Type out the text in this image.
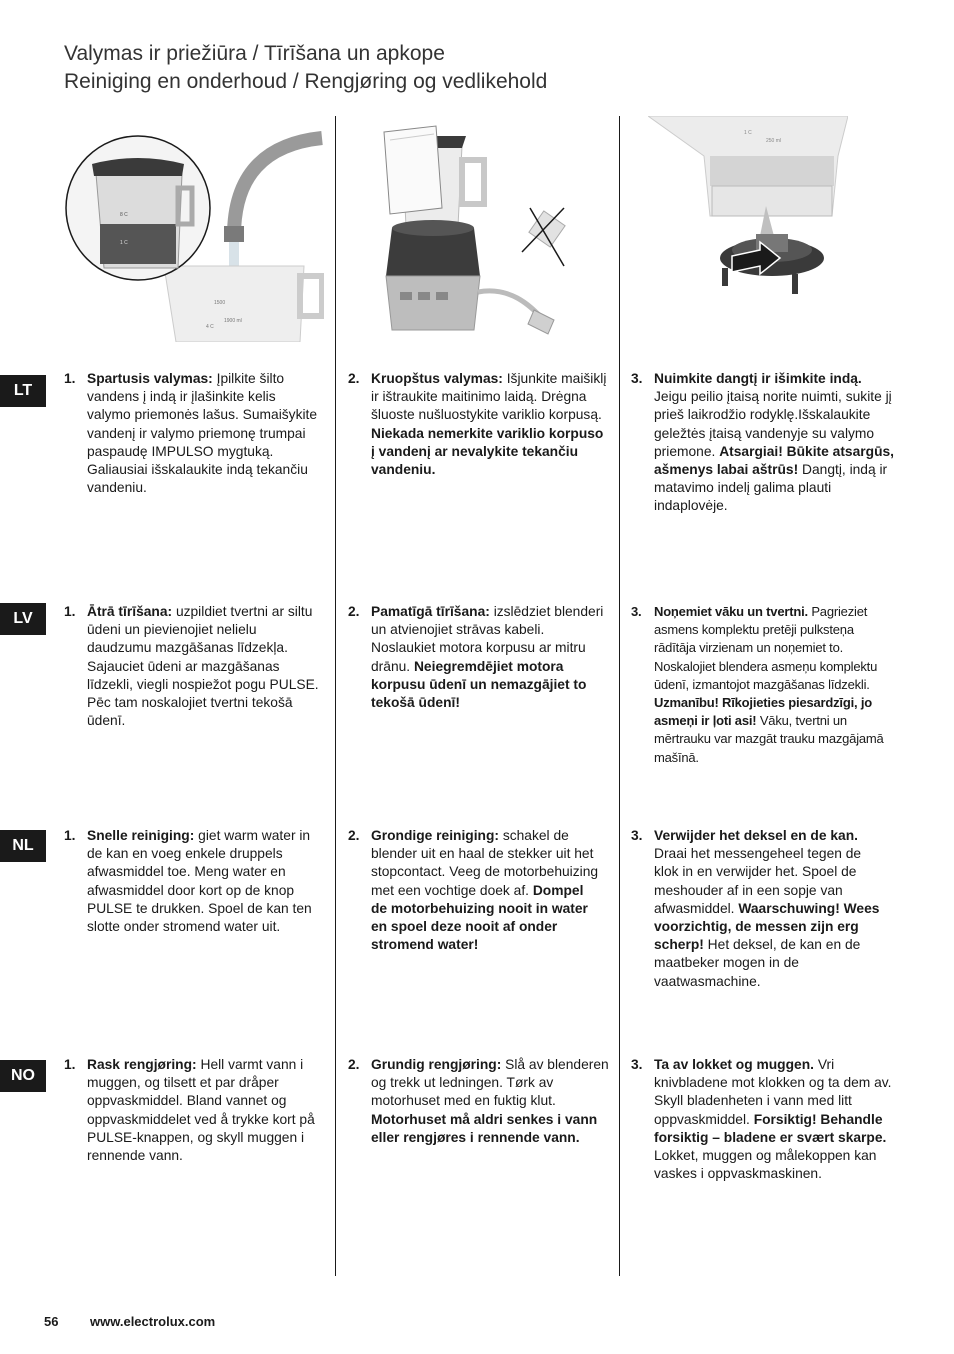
Valymas ir priežiūra / Tīrīšana un apkope
Reiniging en onderhoud / Rengjøring og vedlikehold
1500
1900 ml
4 C
8 C
1 C
1 C
250 ml
LT
LV
NL
NO
1. Spartusis valymas: Įpilkite šilto vandens į indą ir įlašinkite kelis valymo priemonės lašus. Sumaišykite vandenį ir valymo priemonę trumpai paspaudę IMPULSO mygtuką. Galiausiai išskalaukite indą tekančiu vandeniu.
2. Kruopštus valymas: Išjunkite maišiklį ir ištraukite maitinimo laidą. Drėgna šluoste nušluostykite variklio korpusą. Niekada nemerkite variklio korpuso į vandenį ar nevalykite tekančiu vandeniu.
3. Nuimkite dangtį ir išimkite indą. Jeigu peilio įtaisą norite nuimti, sukite jį prieš laikrodžio rodyklę.Išskalaukite geležtės įtaisą vandenyje su valymo priemone. Atsargiai! Būkite atsargūs, ašmenys labai aštrūs! Dangtį, indą ir matavimo indelį galima plauti indaplovėje.
1. Ātrā tīrīšana: uzpildiet tvertni ar siltu ūdeni un pievienojiet nelielu daudzumu mazgāšanas līdzekļa. Sajauciet ūdeni ar mazgāšanas līdzekli, viegli nospiežot pogu PULSE. Pēc tam noskalojiet tvertni tekošā ūdenī.
2. Pamatīgā tīrīšana: izslēdziet blenderi un atvienojiet strāvas kabeli. Noslaukiet motora korpusu ar mitru drānu. Neiegremdējiet motora korpusu ūdenī un nemazgājiet to tekošā ūdenī!
3. Noņemiet vāku un tvertni. Pagrieziet asmens komplektu pretēji pulksteņa rādītāja virzienam un noņemiet to. Noskalojiet blendera asmeņu komplektu ūdenī, izmantojot mazgāšanas līdzekli. Uzmanību! Rīkojieties piesardzīgi, jo asmeņi ir ļoti asi! Vāku, tvertni un mērtrauku var mazgāt trauku mazgājamā mašīnā.
1. Snelle reiniging: giet warm water in de kan en voeg enkele druppels afwasmiddel toe. Meng water en afwasmiddel door kort op de knop PULSE te drukken. Spoel de kan ten slotte onder stromend water uit.
2. Grondige reiniging: schakel de blender uit en haal de stekker uit het stopcontact. Veeg de motorbehuizing met een vochtige doek af. Dompel de motorbehuizing nooit in water en spoel deze nooit af onder stromend water!
3. Verwijder het deksel en de kan. Draai het messengeheel tegen de klok in en verwijder het. Spoel de meshouder af in een sopje van afwasmiddel. Waarschuwing! Wees voorzichtig, de messen zijn erg scherp! Het deksel, de kan en de maatbeker mogen in de vaatwasmachine.
1. Rask rengjøring: Hell varmt vann i muggen, og tilsett et par dråper oppvaskmiddel. Bland vannet og oppvaskmiddelet ved å trykke kort på PULSE-knappen, og skyll muggen i rennende vann.
2. Grundig rengjøring: Slå av blenderen og trekk ut ledningen. Tørk av motorhuset med en fuktig klut. Motorhuset må aldri senkes i vann eller rengjøres i rennende vann.
3. Ta av lokket og muggen. Vri knivbladene mot klokken og ta dem av. Skyll bladenheten i vann med litt oppvaskmiddel. Forsiktig! Behandle forsiktig – bladene er svært skarpe. Lokket, muggen og målekoppen kan vaskes i oppvaskmaskinen.
56 www.electrolux.com
